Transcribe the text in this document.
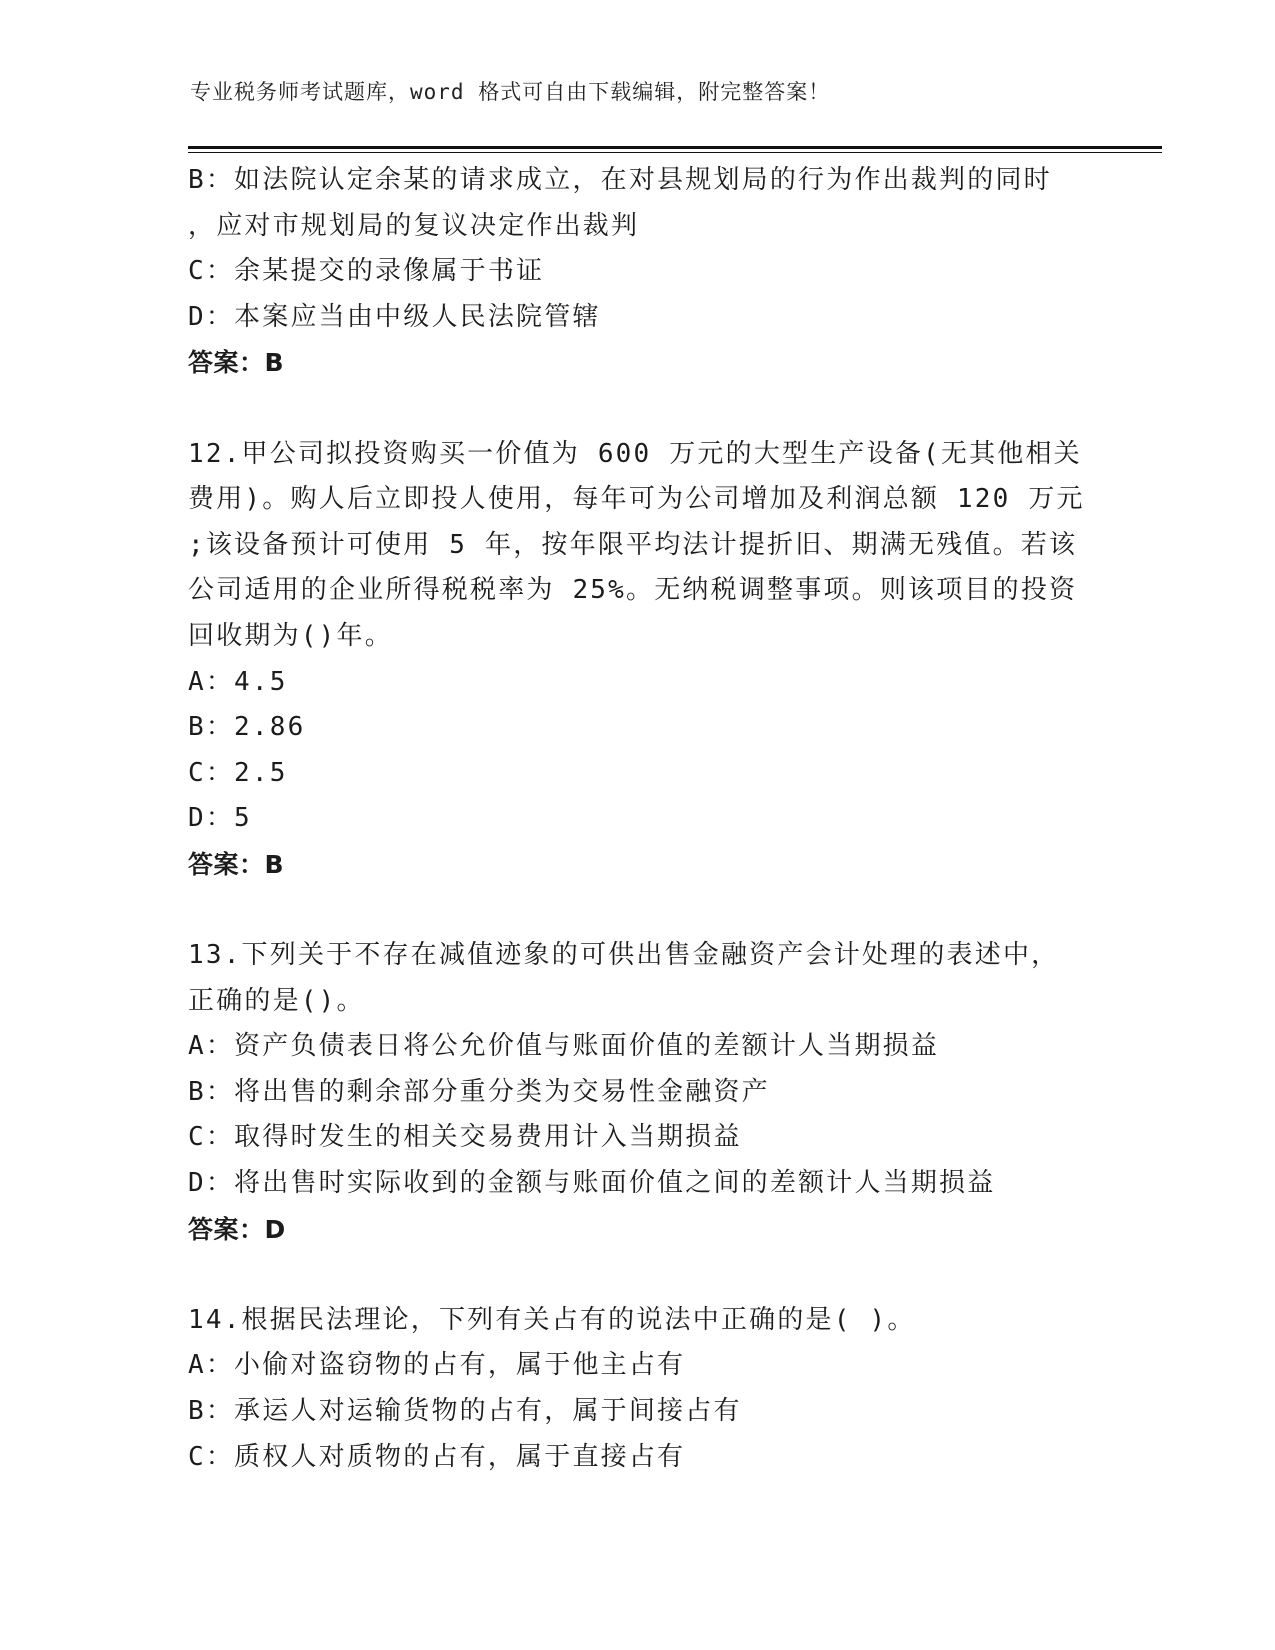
专业税务师考试题库，word 格式可自由下载编辑，附完整答案！
B：如法院认定余某的请求成立，在对县规划局的行为作出裁判的同时
，应对市规划局的复议决定作出裁判
C：余某提交的录像属于书证
D：本案应当由中级人民法院管辖
答案：B
12.甲公司拟投资购买一价值为 600 万元的大型生产设备(无其他相关
费用)。购人后立即投人使用，每年可为公司增加及利润总额 120 万元
;该设备预计可使用 5 年，按年限平均法计提折旧、期满无残值。若该
公司适用的企业所得税税率为 25%。无纳税调整事项。则该项目的投资
回收期为()年。
A：4.5
B：2.86
C：2.5
D：5
答案：B
13.下列关于不存在减值迹象的可供出售金融资产会计处理的表述中，
正确的是()。
A：资产负债表日将公允价值与账面价值的差额计人当期损益
B：将出售的剩余部分重分类为交易性金融资产
C：取得时发生的相关交易费用计入当期损益
D：将出售时实际收到的金额与账面价值之间的差额计人当期损益
答案：D
14.根据民法理论，下列有关占有的说法中正确的是( )。
A：小偷对盗窃物的占有，属于他主占有
B：承运人对运输货物的占有，属于间接占有
C：质权人对质物的占有，属于直接占有
